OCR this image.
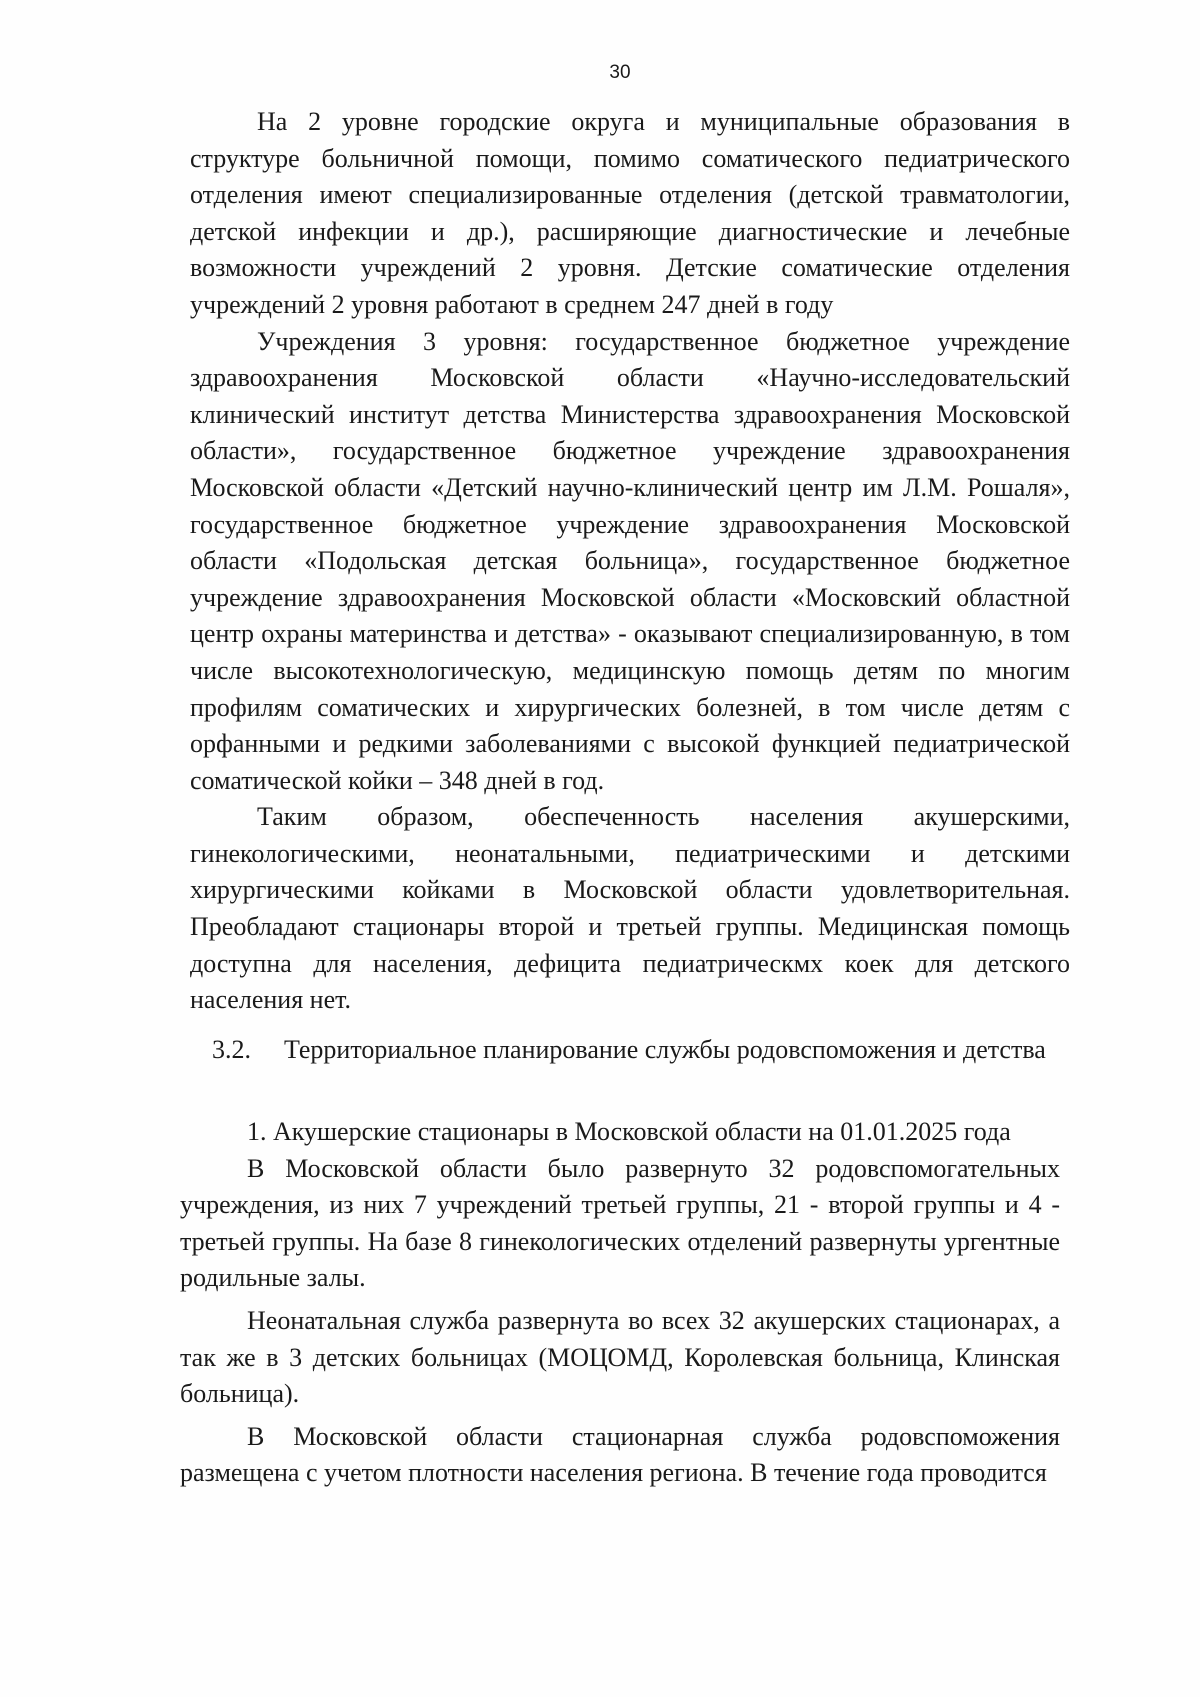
30

На 2 уровне городские округа и муниципальные образования в структуре больничной помощи, помимо соматического педиатрического отделения имеют специализированные отделения (детской травматологии, детской инфекции и др.), расширяющие диагностические и лечебные возможности учреждений 2 уровня. Детские соматические отделения учреждений 2 уровня работают в среднем 247 дней в году

Учреждения 3 уровня: государственное бюджетное учреждение здравоохранения Московской области «Научно-исследовательский клинический институт детства Министерства здравоохранения Московской области», государственное бюджетное учреждение здравоохранения Московской области «Детский научно-клинический центр им Л.М. Рошаля», государственное бюджетное учреждение здравоохранения Московской области «Подольская детская больница», государственное бюджетное учреждение здравоохранения Московской области «Московский областной центр охраны материнства и детства» - оказывают специализированную, в том числе высокотехнологическую, медицинскую помощь детям по многим профилям соматических и хирургических болезней, в том числе детям с орфанными и редкими заболеваниями с высокой функцией педиатрической соматической койки – 348 дней в год.

Таким образом, обеспеченность населения акушерскими, гинекологическими, неонатальными, педиатрическими и детскими хирургическими койками в Московской области удовлетворительная. Преобладают стационары второй и третьей группы. Медицинская помощь доступна для населения, дефицита педиатрическмх коек для детского населения нет.

3.2. Территориальное планирование службы родовспоможения и детства

1. Акушерские стационары в Московской области на 01.01.2025 года

В Московской области было развернуто 32 родовспомогательных учреждения, из них 7 учреждений третьей группы, 21 - второй группы и 4 - третьей группы. На базе 8 гинекологических отделений развернуты ургентные родильные залы.

Неонатальная служба развернута во всех 32 акушерских стационарах, а так же в 3 детских больницах (МОЦОМД, Королевская больница, Клинская больница).

В Московской области стационарная служба родовспоможения размещена с учетом плотности населения региона. В течение года проводится
